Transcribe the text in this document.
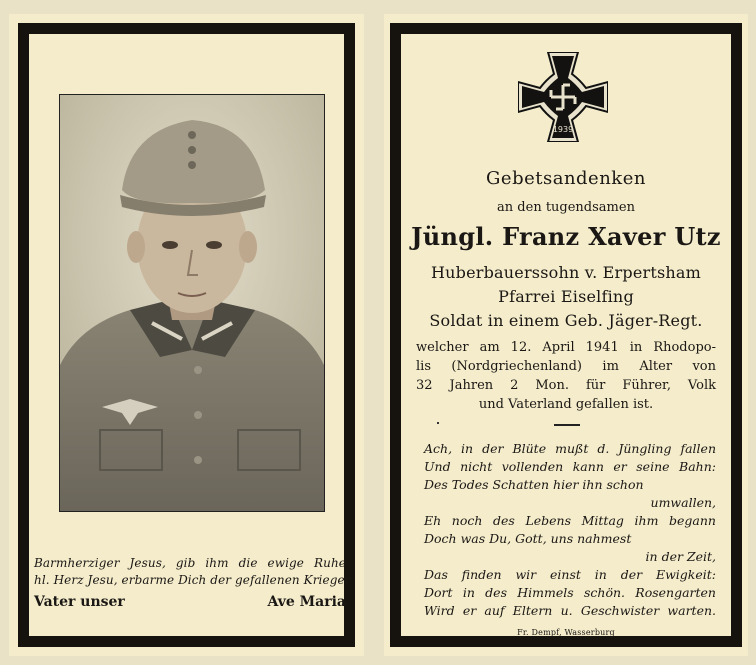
Barmherziger Jesus, gib ihm die ewige Ruhe
hl. Herz Jesu, erbarme Dich der gefallenen Krieger
Vater unser	Ave Maria
1939
Gebetsandenken
an den tugendsamen
Jüngl. Franz Xaver Utz
Huberbauerssohn v. Erpertsham
Pfarrei Eiselfing
Soldat in einem Geb. Jäger-Regt.
welcher am 12. April 1941 in Rhodopo-
lis (Nordgriechenland) im Alter von
32 Jahren 2 Mon. für Führer, Volk
und Vaterland gefallen ist.
Ach, in der Blüte mußt d. Jüngling fallen
Und nicht vollenden kann er seine Bahn:
Des Todes Schatten hier ihn schon
umwallen,
Eh noch des Lebens Mittag ihm begann
Doch was Du, Gott, uns nahmest
in der Zeit,
Das finden wir einst in der Ewigkeit:
Dort in des Himmels schön. Rosengarten
Wird er auf Eltern u. Geschwister warten.
Fr. Dempf, Wasserburg
